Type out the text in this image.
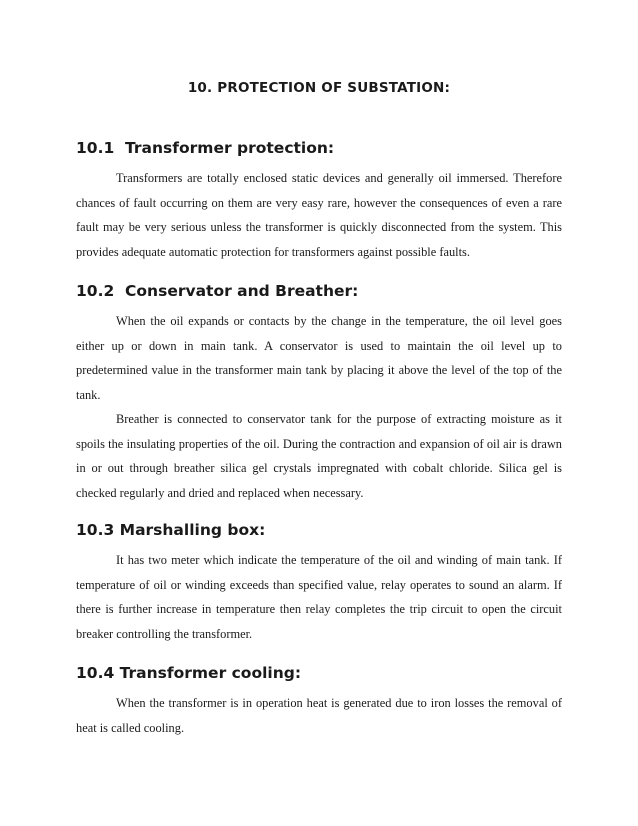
10. PROTECTION OF SUBSTATION:
10.1  Transformer protection:

Transformers are totally enclosed static devices and generally oil immersed. Therefore chances of fault occurring on them are very easy rare, however the consequences of even a rare fault may be very serious unless the transformer is quickly disconnected from the system. This provides adequate automatic protection for transformers against possible faults.

10.2  Conservator and Breather:

When the oil expands or contacts by the change in the temperature, the oil level goes either up or down in main tank. A conservator is used to maintain the oil level up to predetermined value in the transformer main tank by placing it above the level of the top of the tank.

Breather is connected to conservator tank for the purpose of extracting moisture as it spoils the insulating properties of the oil. During the contraction and expansion of oil air is drawn in or out through breather silica gel crystals impregnated with cobalt chloride. Silica gel is checked regularly and dried and replaced when necessary.

10.3 Marshalling box:

It has two meter which indicate the temperature of the oil and winding of main tank. If temperature of oil or winding exceeds than specified value, relay operates to sound an alarm. If there is further increase in temperature then relay completes the trip circuit to open the circuit breaker controlling the transformer.

10.4 Transformer cooling:

When the transformer is in operation heat is generated due to iron losses the removal of heat is called cooling.
